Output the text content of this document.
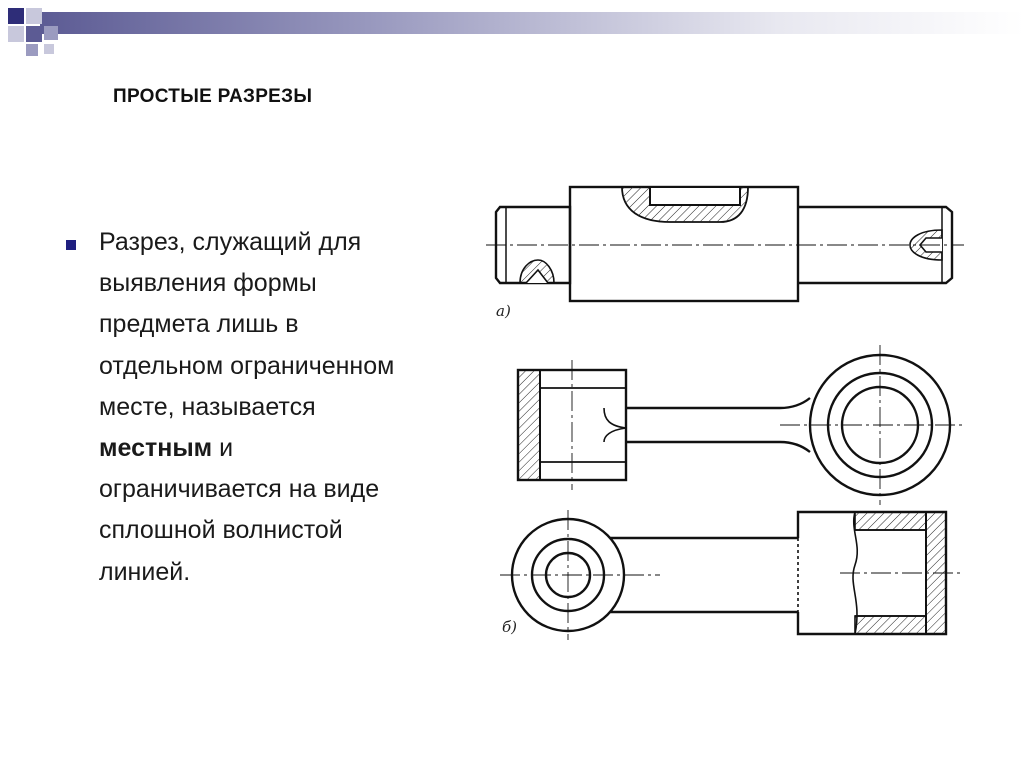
ПРОСТЫЕ РАЗРЕЗЫ
Разрез, служащий для выявления формы предмета лишь в отдельном ограниченном месте, называется местным и ограничивается на виде сплошной волнистой линией.
а)
б)
